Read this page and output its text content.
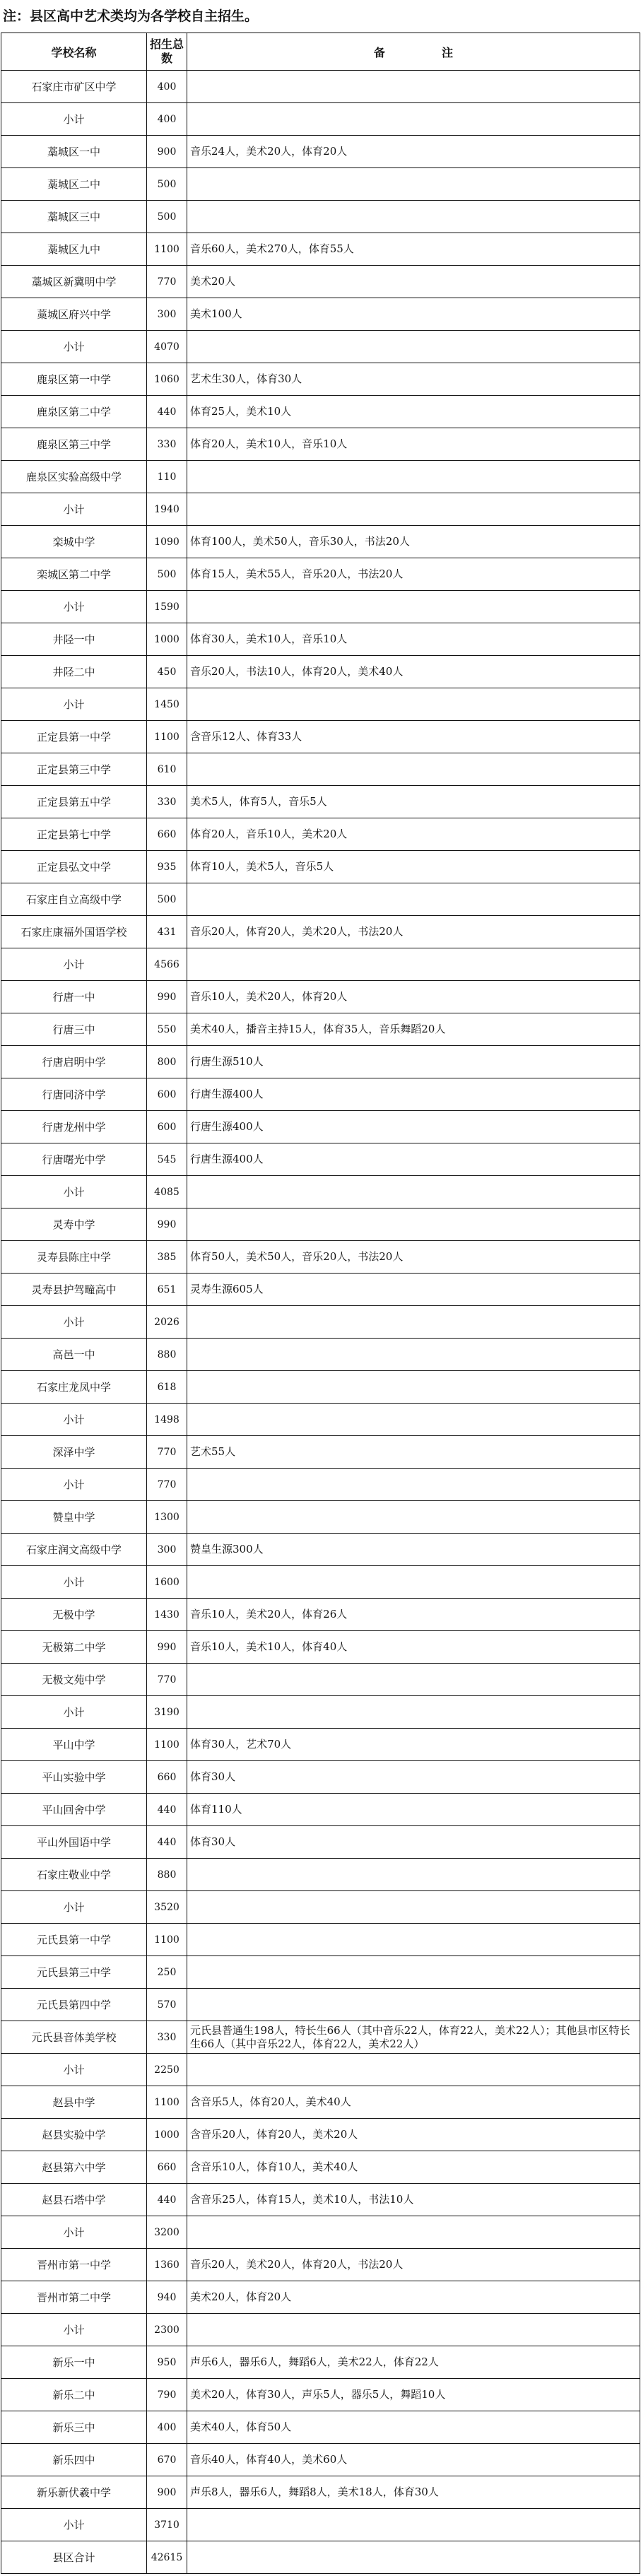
注：县区高中艺术类均为各学校自主招生。
学校名称	招生总数	备　　　　　注
石家庄市矿区中学	400	
小计	400	
藁城区一中	900	音乐24人，美术20人，体育20人
藁城区二中	500	
藁城区三中	500	
藁城区九中	1100	音乐60人，美术270人，体育55人
藁城区新冀明中学	770	美术20人
藁城区府兴中学	300	美术100人
小计	4070	
鹿泉区第一中学	1060	艺术生30人，体育30人
鹿泉区第二中学	440	体育25人，美术10人
鹿泉区第三中学	330	体育20人，美术10人，音乐10人
鹿泉区实验高级中学	110	
小计	1940	
栾城中学	1090	体育100人，美术50人，音乐30人，书法20人
栾城区第二中学	500	体育15人，美术55人，音乐20人，书法20人
小计	1590	
井陉一中	1000	体育30人，美术10人，音乐10人
井陉二中	450	音乐20人，书法10人，体育20人，美术40人
小计	1450	
正定县第一中学	1100	含音乐12人、体育33人
正定县第三中学	610	
正定县第五中学	330	美术5人，体育5人，音乐5人
正定县第七中学	660	体育20人，音乐10人，美术20人
正定县弘文中学	935	体育10人，美术5人，音乐5人
石家庄自立高级中学	500	
石家庄康福外国语学校	431	音乐20人，体育20人，美术20人，书法20人
小计	4566	
行唐一中	990	音乐10人，美术20人，体育20人
行唐三中	550	美术40人，播音主持15人，体育35人，音乐舞蹈20人
行唐启明中学	800	行唐生源510人
行唐同济中学	600	行唐生源400人
行唐龙州中学	600	行唐生源400人
行唐曙光中学	545	行唐生源400人
小计	4085	
灵寿中学	990	
灵寿县陈庄中学	385	体育50人，美术50人，音乐20人，书法20人
灵寿县护驾疃高中	651	灵寿生源605人
小计	2026	
高邑一中	880	
石家庄龙凤中学	618	
小计	1498	
深泽中学	770	艺术55人
小计	770	
赞皇中学	1300	
石家庄润文高级中学	300	赞皇生源300人
小计	1600	
无极中学	1430	音乐10人，美术20人，体育26人
无极第二中学	990	音乐10人，美术10人，体育40人
无极文苑中学	770	
小计	3190	
平山中学	1100	体育30人，艺术70人
平山实验中学	660	体育30人
平山回舍中学	440	体育110人
平山外国语中学	440	体育30人
石家庄敬业中学	880	
小计	3520	
元氏县第一中学	1100	
元氏县第三中学	250	
元氏县第四中学	570	
元氏县音体美学校	330	元氏县普通生198人，特长生66人（其中音乐22人，体育22人，美术22人）；其他县市区特长生66人（其中音乐22人，体育22人，美术22人）
小计	2250	
赵县中学	1100	含音乐5人，体育20人，美术40人
赵县实验中学	1000	含音乐20人，体育20人，美术20人
赵县第六中学	660	含音乐10人，体育10人，美术40人
赵县石塔中学	440	含音乐25人，体育15人，美术10人，书法10人
小计	3200	
晋州市第一中学	1360	音乐20人，美术20人，体育20人，书法20人
晋州市第二中学	940	美术20人，体育20人
小计	2300	
新乐一中	950	声乐6人，器乐6人，舞蹈6人，美术22人，体育22人
新乐二中	790	美术20人，体育30人，声乐5人，器乐5人，舞蹈10人
新乐三中	400	美术40人，体育50人
新乐四中	670	音乐40人，体育40人，美术60人
新乐新伏羲中学	900	声乐8人，器乐6人，舞蹈8人，美术18人，体育30人
小计	3710	
县区合计	42615	
